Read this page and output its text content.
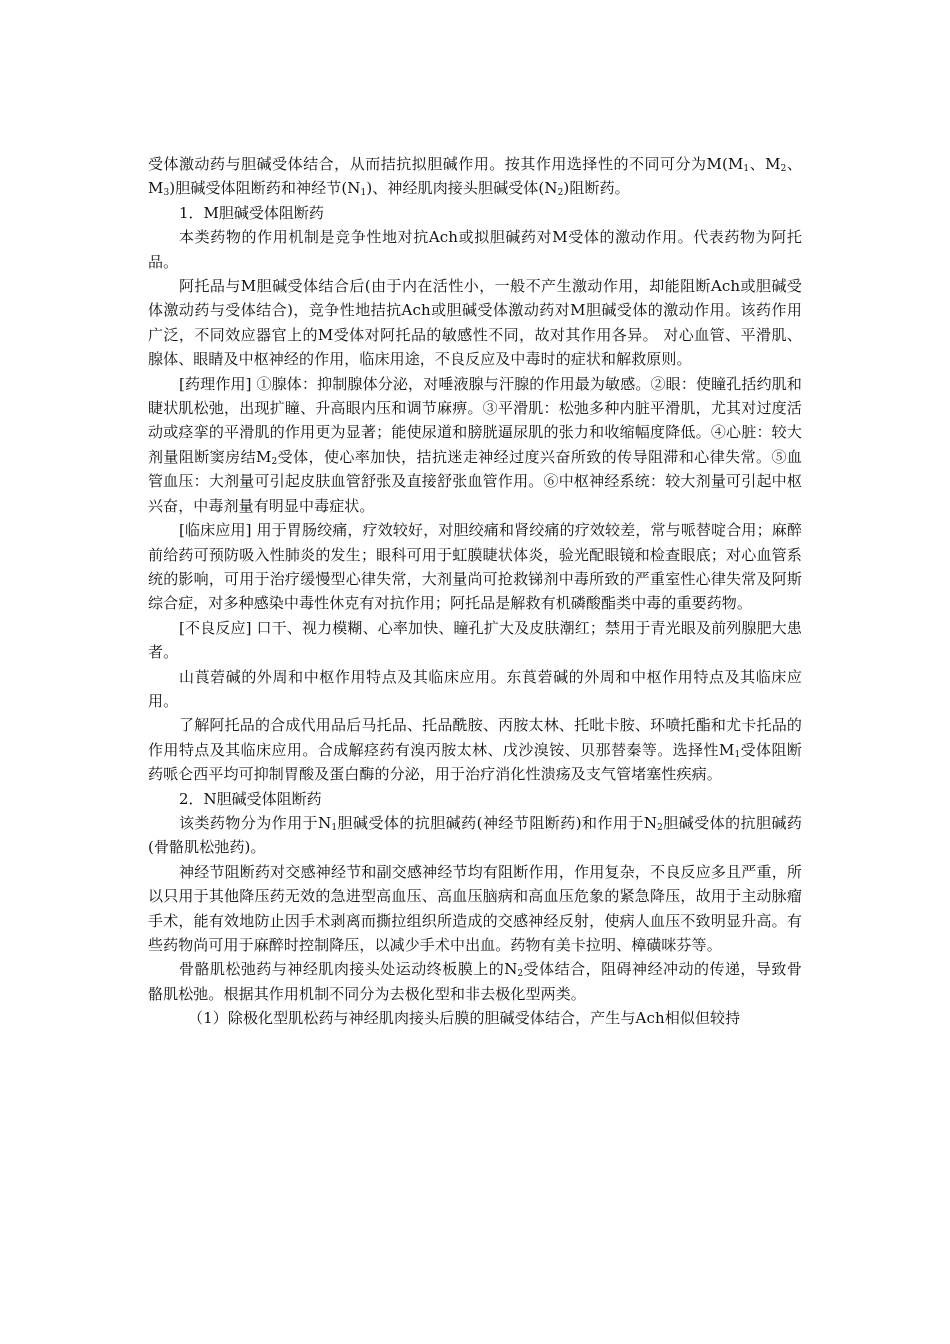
受体激动药与胆碱受体结合，从而拮抗拟胆碱作用。按其作用选择性的不同可分为$M(M_1$、$M_2$、$M_3$)胆碱受体阻断药和神经节$(N_1)$、神经肌肉接头胆碱受体$(N_2)$阻断药。

1．M胆碱受体阻断药

本类药物的作用机制是竞争性地对抗Ach或拟胆碱药对M受体的激动作用。代表药物为阿托品。

阿托品与M胆碱受体结合后(由于内在活性小，一般不产生激动作用，却能阻断Ach或胆碱受体激动药与受体结合)，竞争性地拮抗Ach或胆碱受体激动药对M胆碱受体的激动作用。该药作用广泛，不同效应器官上的M受体对阿托品的敏感性不同，故对其作用各异。 对心血管、平滑肌、腺体、眼睛及中枢神经的作用，临床用途，不良反应及中毒时的症状和解救原则。

[药理作用] ①腺体：抑制腺体分泌，对唾液腺与汗腺的作用最为敏感。②眼：使瞳孔括约肌和睫状肌松弛，出现扩瞳、升高眼内压和调节麻痹。③平滑肌：松弛多种内脏平滑肌，尤其对过度活动或痉挛的平滑肌的作用更为显著；能使尿道和膀胱逼尿肌的张力和收缩幅度降低。④心脏：较大剂量阻断窦房结$M_2$受体，使心率加快，拮抗迷走神经过度兴奋所致的传导阻滞和心律失常。⑤血管血压：大剂量可引起皮肤血管舒张及直接舒张血管作用。⑥中枢神经系统：较大剂量可引起中枢兴奋，中毒剂量有明显中毒症状。

[临床应用] 用于胃肠绞痛，疗效较好，对胆绞痛和肾绞痛的疗效较差，常与哌替啶合用；麻醉前给药可预防吸入性肺炎的发生；眼科可用于虹膜睫状体炎，验光配眼镜和检查眼底；对心血管系统的影响，可用于治疗缓慢型心律失常，大剂量尚可抢救锑剂中毒所致的严重室性心律失常及阿斯综合症，对多种感染中毒性休克有对抗作用；阿托品是解救有机磷酸酯类中毒的重要药物。

[不良反应] 口干、视力模糊、心率加快、瞳孔扩大及皮肤潮红；禁用于青光眼及前列腺肥大患者。

山莨菪碱的外周和中枢作用特点及其临床应用。东莨菪碱的外周和中枢作用特点及其临床应用。

了解阿托品的合成代用品后马托品、托品酰胺、丙胺太林、托吡卡胺、环喷托酯和尤卡托品的作用特点及其临床应用。合成解痉药有溴丙胺太林、戊沙溴铵、贝那替秦等。选择性$M_1$受体阻断药哌仑西平均可抑制胃酸及蛋白酶的分泌，用于治疗消化性溃疡及支气管堵塞性疾病。

2．N胆碱受体阻断药

该类药物分为作用于$N_1$胆碱受体的抗胆碱药(神经节阻断药)和作用于$N_2$胆碱受体的抗胆碱药(骨骼肌松弛药)。

神经节阻断药对交感神经节和副交感神经节均有阻断作用，作用复杂，不良反应多且严重，所以只用于其他降压药无效的急进型高血压、高血压脑病和高血压危象的紧急降压，故用于主动脉瘤手术，能有效地防止因手术剥离而撕拉组织所造成的交感神经反射，使病人血压不致明显升高。有些药物尚可用于麻醉时控制降压，以减少手术中出血。药物有美卡拉明、樟磺咪芬等。

骨骼肌松弛药与神经肌肉接头处运动终板膜上的$N_2$受体结合，阻碍神经冲动的传递，导致骨骼肌松弛。根据其作用机制不同分为去极化型和非去极化型两类。

（1）除极化型肌松药与神经肌肉接头后膜的胆碱受体结合，产生与Ach相似但较持
